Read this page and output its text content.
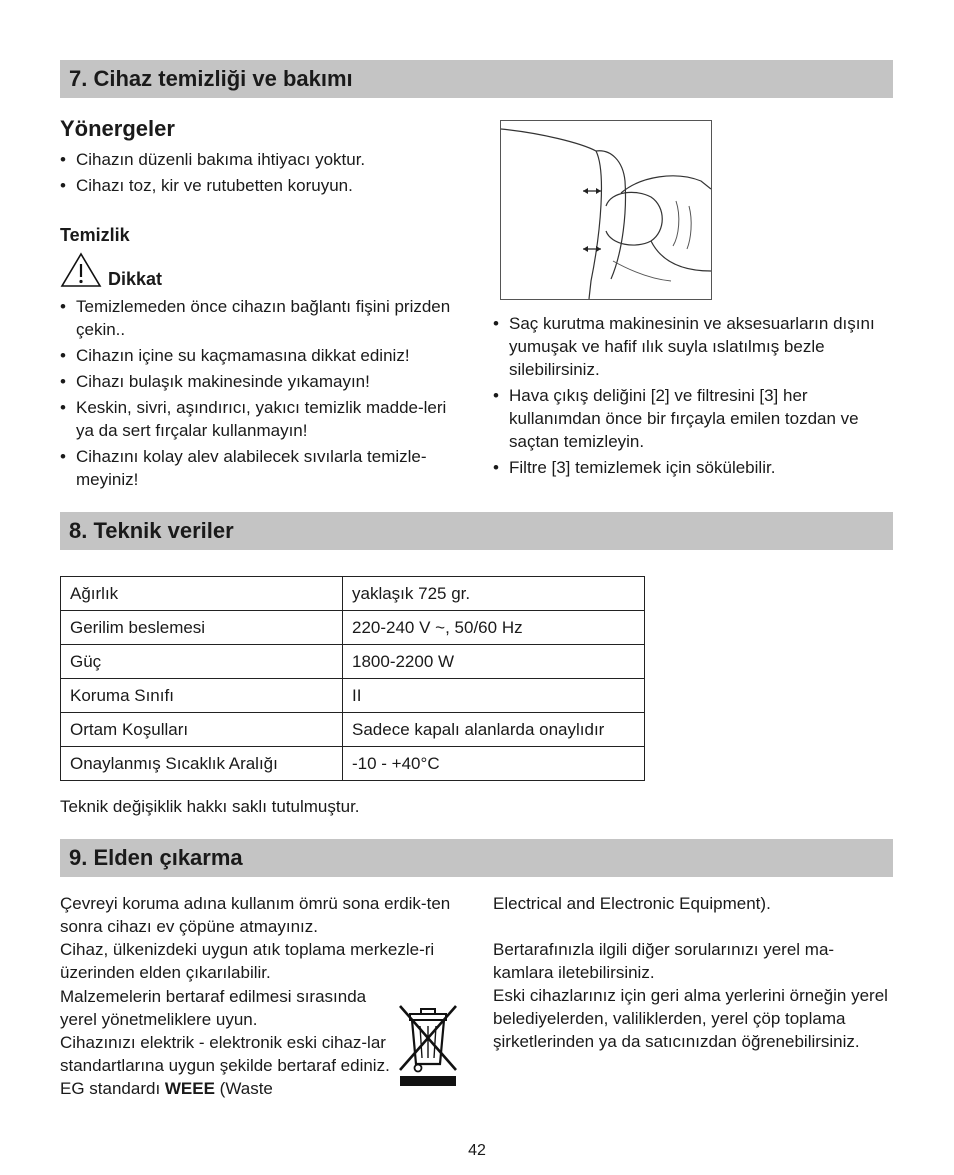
7. Cihaz temizliği ve bakımı
Yönergeler
• Cihazın düzenli bakıma ihtiyacı yoktur.
• Cihazı toz, kir ve rutubetten koruyun.
Temizlik
Dikkat
• Temizlemeden önce cihazın bağlantı fişini prizden çekin..
• Cihazın içine su kaçmamasına dikkat ediniz!
• Cihazı bulaşık makinesinde yıkamayın!
• Keskin, sivri, aşındırıcı, yakıcı temizlik madde-leri ya da sert fırçalar kullanmayın!
• Cihazını kolay alev alabilecek sıvılarla temizle-meyiniz!
• Saç kurutma makinesinin ve aksesuarların dışını yumuşak ve hafif ılık suyla ıslatılmış bezle silebilirsiniz.
• Hava çıkış deliğini [2] ve filtresini [3] her kullanımdan önce bir fırçayla emilen tozdan ve saçtan temizleyin.
• Filtre [3] temizlemek için sökülebilir.
8. Teknik veriler
Ağırlık	yaklaşık 725 gr.
Gerilim beslemesi	220-240 V ~, 50/60 Hz
Güç	1800-2200 W
Koruma Sınıfı	II
Ortam Koşulları	Sadece kapalı alanlarda onaylıdır
Onaylanmış Sıcaklık Aralığı	-10 - +40°C
Teknik değişiklik hakkı saklı tutulmuştur.
9. Elden çıkarma

Çevreyi koruma adına kullanım ömrü sona erdik-ten sonra cihazı ev çöpüne atmayınız.

Cihaz, ülkenizdeki uygun atık toplama merkezle-ri üzerinden elden çıkarılabilir.

Malzemelerin bertaraf edilmesi sırasında yerel yönetmeliklere uyun.

Cihazınızı elektrik - elektronik eski cihaz-lar standartlarına uygun şekilde bertaraf ediniz. EG standardı WEEE (Waste

Electrical and Electronic Equipment).

Bertarafınızla ilgili diğer sorularınızı yerel ma-kamlara iletebilirsiniz.

Eski cihazlarınız için geri alma yerlerini örneğin yerel belediyelerden, valiliklerden, yerel çöp toplama şirketlerinden ya da satıcınızdan öğrenebilirsiniz.

42
